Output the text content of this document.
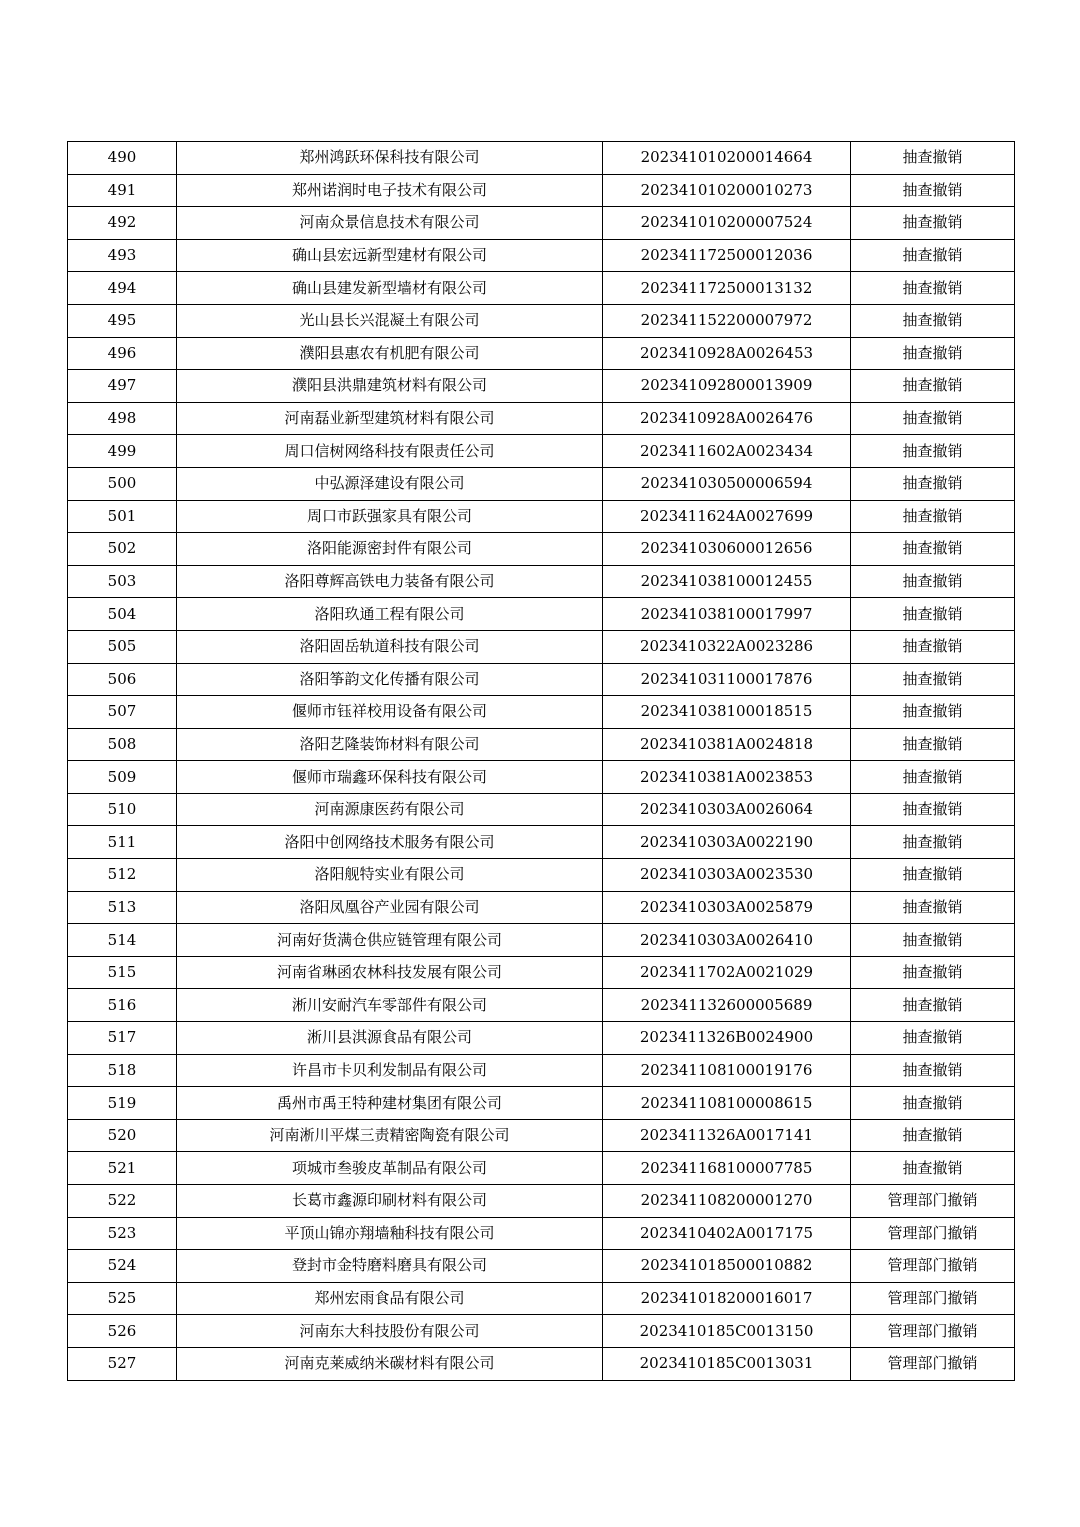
490	郑州鸿跃环保科技有限公司	202341010200014664	抽查撤销
491	郑州诺润时电子技术有限公司	202341010200010273	抽查撤销
492	河南众景信息技术有限公司	202341010200007524	抽查撤销
493	确山县宏远新型建材有限公司	202341172500012036	抽查撤销
494	确山县建发新型墙材有限公司	202341172500013132	抽查撤销
495	光山县长兴混凝土有限公司	202341152200007972	抽查撤销
496	濮阳县惠农有机肥有限公司	2023410928A0026453	抽查撤销
497	濮阳县洪鼎建筑材料有限公司	202341092800013909	抽查撤销
498	河南磊业新型建筑材料有限公司	2023410928A0026476	抽查撤销
499	周口信树网络科技有限责任公司	2023411602A0023434	抽查撤销
500	中弘源泽建设有限公司	202341030500006594	抽查撤销
501	周口市跃强家具有限公司	2023411624A0027699	抽查撤销
502	洛阳能源密封件有限公司	202341030600012656	抽查撤销
503	洛阳尊辉高铁电力装备有限公司	202341038100012455	抽查撤销
504	洛阳玖通工程有限公司	202341038100017997	抽查撤销
505	洛阳固岳轨道科技有限公司	2023410322A0023286	抽查撤销
506	洛阳筝韵文化传播有限公司	202341031100017876	抽查撤销
507	偃师市钰祥校用设备有限公司	202341038100018515	抽查撤销
508	洛阳艺隆装饰材料有限公司	2023410381A0024818	抽查撤销
509	偃师市瑞鑫环保科技有限公司	2023410381A0023853	抽查撤销
510	河南源康医药有限公司	2023410303A0026064	抽查撤销
511	洛阳中创网络技术服务有限公司	2023410303A0022190	抽查撤销
512	洛阳舰特实业有限公司	2023410303A0023530	抽查撤销
513	洛阳凤凰谷产业园有限公司	2023410303A0025879	抽查撤销
514	河南好货满仓供应链管理有限公司	2023410303A0026410	抽查撤销
515	河南省琳函农林科技发展有限公司	2023411702A0021029	抽查撤销
516	淅川安耐汽车零部件有限公司	202341132600005689	抽查撤销
517	淅川县淇源食品有限公司	2023411326B0024900	抽查撤销
518	许昌市卡贝利发制品有限公司	202341108100019176	抽查撤销
519	禹州市禹王特种建材集团有限公司	202341108100008615	抽查撤销
520	河南淅川平煤三责精密陶瓷有限公司	2023411326A0017141	抽查撤销
521	项城市叁骏皮革制品有限公司	202341168100007785	抽查撤销
522	长葛市鑫源印刷材料有限公司	202341108200001270	管理部门撤销
523	平顶山锦亦翔墙釉科技有限公司	2023410402A0017175	管理部门撤销
524	登封市金特磨料磨具有限公司	202341018500010882	管理部门撤销
525	郑州宏雨食品有限公司	202341018200016017	管理部门撤销
526	河南东大科技股份有限公司	2023410185C0013150	管理部门撤销
527	河南克莱威纳米碳材料有限公司	2023410185C0013031	管理部门撤销
